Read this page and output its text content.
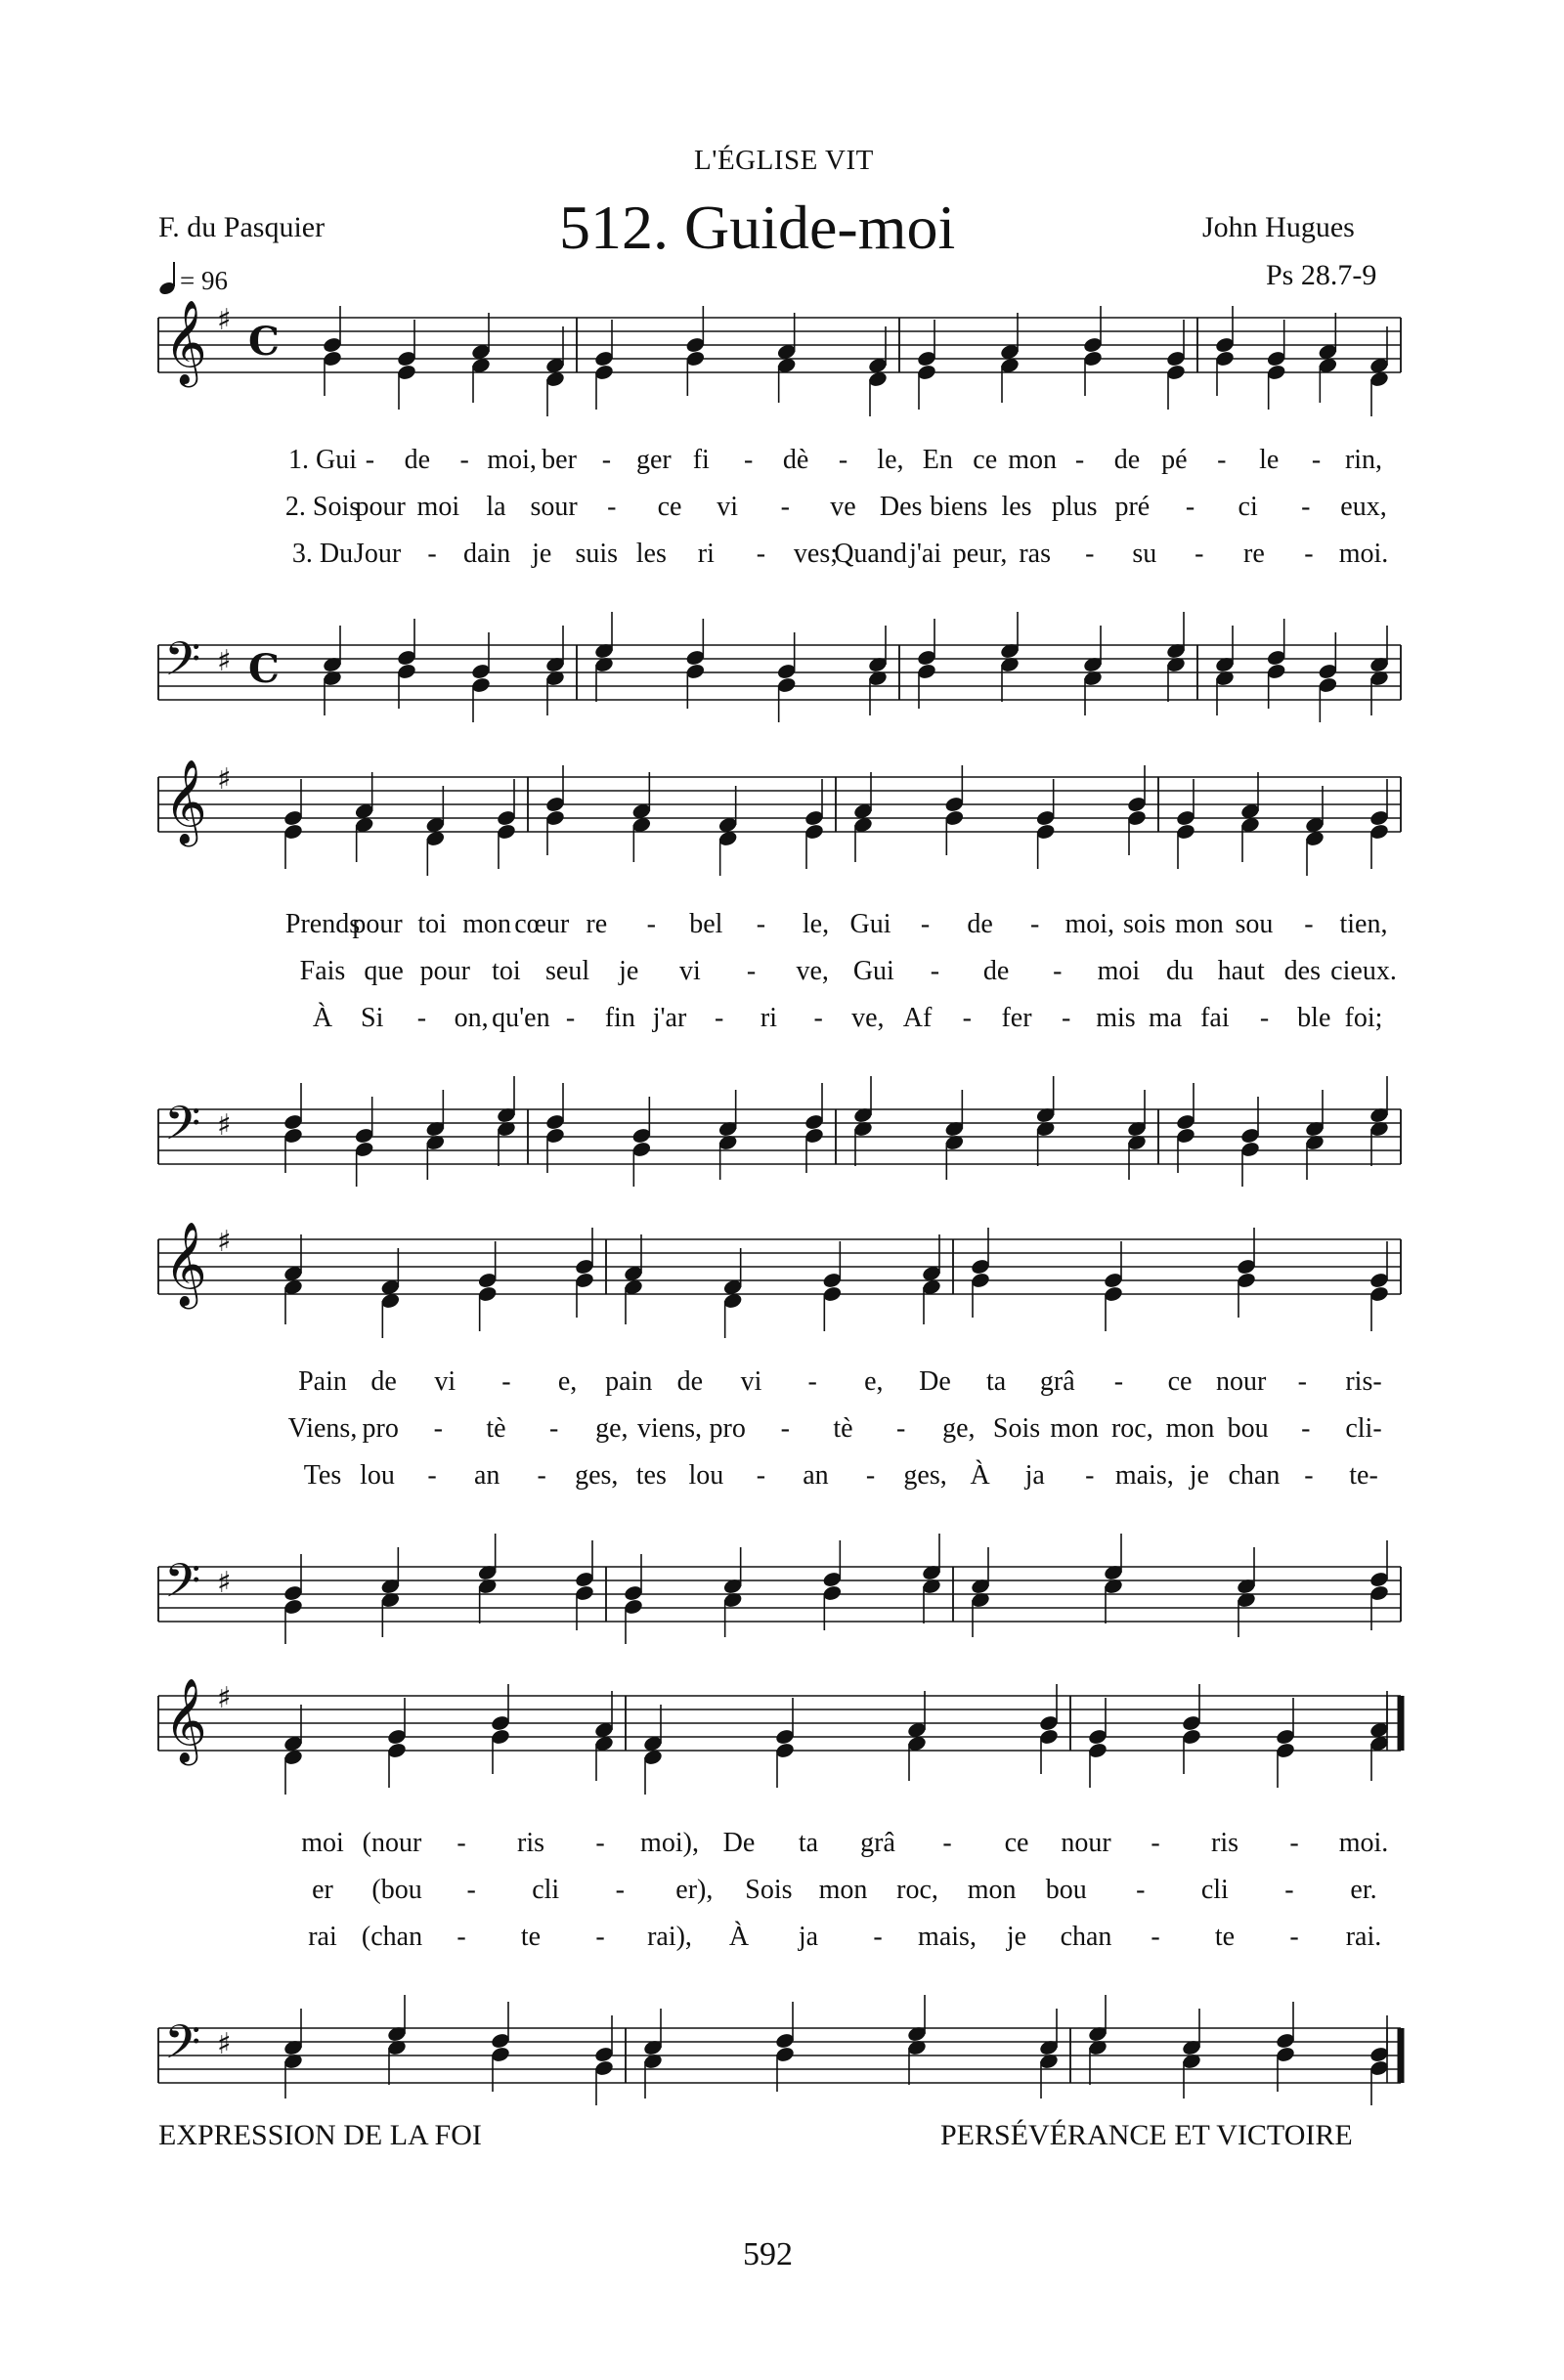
L'ÉGLISE VIT
512. Guide-moi
F. du Pasquier	John Hugues
Ps 28.7-9
= 96
𝄞 ♯ C
𝄢 ♯ C
𝄞 ♯
𝄢 ♯
𝄞 ♯
𝄢 ♯
𝄞 ♯
𝄢 ♯
1. Gui - de - moi, ber - ger fi - dè - le, En ce mon - de pé - le - rin,
2. Sois
pour moi la sour - ce vi - ve Des biens les plus pré - ci - eux,
3. Du Jour - dain je suis les ri - ves;
Quand j'ai peur, ras - su - re - moi.
Prends
pour toi mon cœur re - bel - le, Gui - de - moi, sois mon sou - tien,
Fais que pour toi seul je vi - ve, Gui - de - moi du haut des cieux.
À Si - on, qu'en - fin j'ar - ri - ve, Af - fer - mis ma fai - ble foi;
Pain de vi - e, pain de vi - e, De ta grâ - ce nour - ris-
Viens, pro - tè - ge, viens, pro - tè - ge, Sois mon roc, mon bou - cli-
Tes lou - an - ges, tes lou - an - ges, À ja - mais, je chan - te-
moi (nour - ris - moi), De ta grâ - ce nour - ris - moi.
er (bou - cli - er), Sois mon roc, mon bou - cli - er.
rai (chan - te - rai), À ja - mais, je chan - te - rai.
EXPRESSION DE LA FOI	PERSÉVÉRANCE ET VICTOIRE
592
